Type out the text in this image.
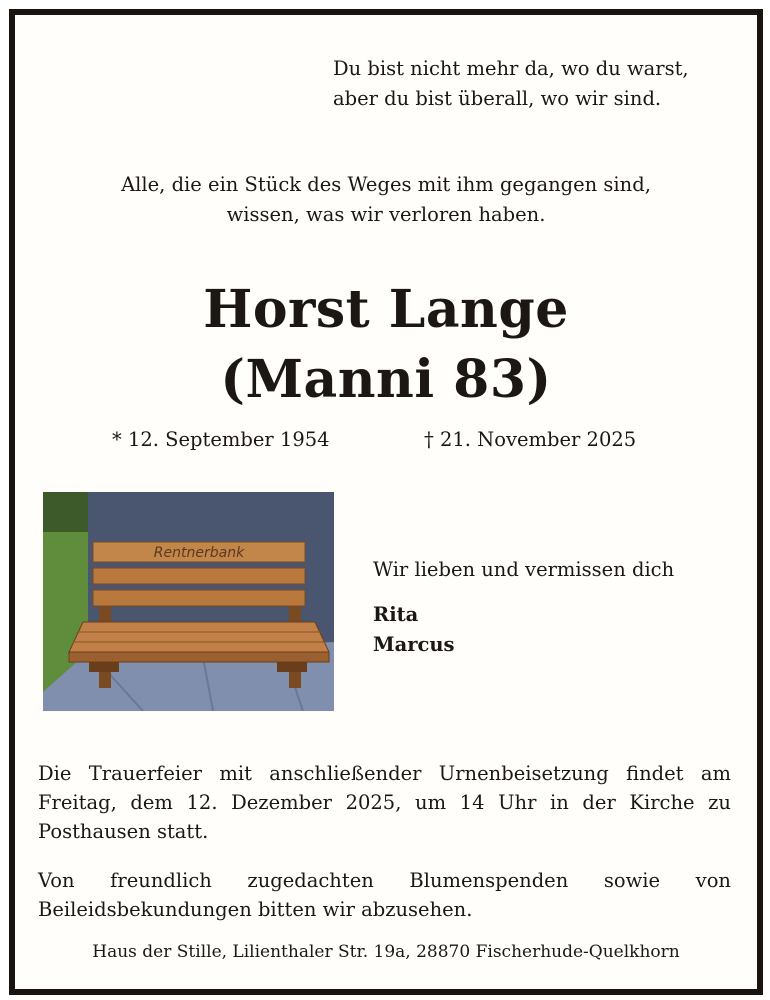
Du bist nicht mehr da, wo du warst,
aber du bist überall, wo wir sind.
Alle, die ein Stück des Weges mit ihm gegangen sind,
wissen, was wir verloren haben.
Horst Lange
(Manni 83)
* 12. September 1954	† 21. November 2025
Rentnerbank
Wir lieben und vermissen dich
Rita
Marcus
Die Trauerfeier mit anschließender Urnenbeisetzung findet am Freitag, dem 12. Dezember 2025, um 14 Uhr in der Kirche zu Posthausen statt.
Von freundlich zugedachten Blumenspenden sowie von Beileidsbekundungen bitten wir abzusehen.
Haus der Stille, Lilienthaler Str. 19a, 28870 Fischerhude-Quelkhorn
